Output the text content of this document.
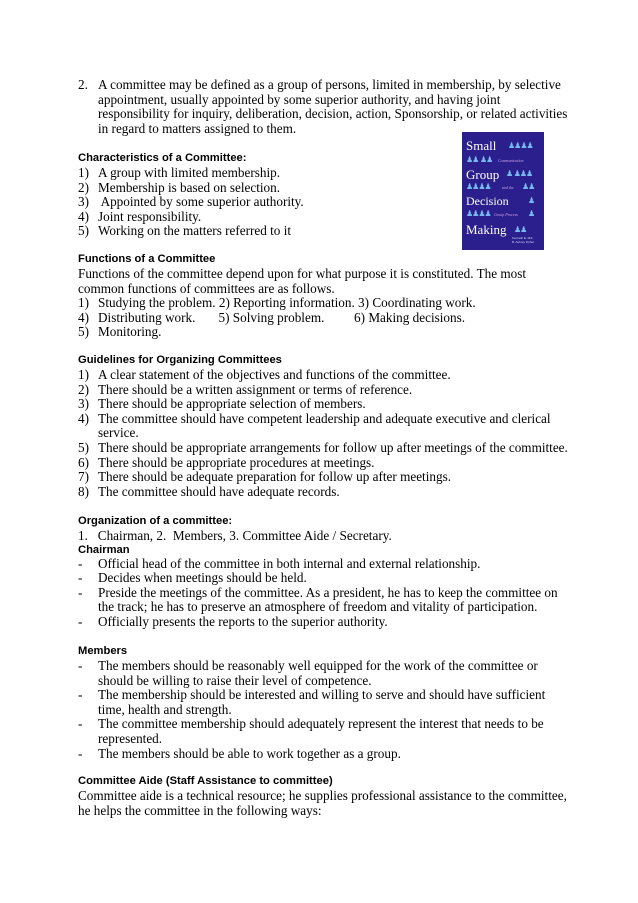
2. A committee may be defined as a group of persons, limited in membership, by selective

appointment, usually appointed by some superior authority, and having joint

responsibility for inquiry, deliberation, decision, action, Sponsorship, or related activities

in regard to matters assigned to them.

Characteristics of a Committee:

1) A group with limited membership.
2) Membership is based on selection.
3) Appointed by some superior authority.
4) Joint responsibility.
5) Working on the matters referred to it
Small ♟♟♟♟
♟♟ ♟♟ Communication
Group ♟ ♟♟♟
♟♟♟♟	and the ♟♟
Decision ♟
♟♟♟♟ Group Process ♟
Making ♟♟
Kenneth E. Mitt
B. Aubrey Fisher

Functions of a Committee

Functions of the committee depend upon for what purpose it is constituted. The most

common functions of committees are as follows.

1) Studying the problem. 2) Reporting information. 3) Coordinating work.
4) Distributing work.       5) Solving problem.         6) Making decisions.
5) Monitoring.

Guidelines for Organizing Committees

1) A clear statement of the objectives and functions of the committee.
2) There should be a written assignment or terms of reference.
3) There should be appropriate selection of members.
4) The committee should have competent leadership and adequate executive and clerical

service.

5) There should be appropriate arrangements for follow up after meetings of the committee.
6) There should be appropriate procedures at meetings.
7) There should be adequate preparation for follow up after meetings.
8) The committee should have adequate records.

Organization of a committee:

1.   Chairman, 2.  Members, 3. Committee Aide / Secretary.

Chairman

-	Official head of the committee in both internal and external relationship.
-	Decides when meetings should be held.
-	Preside the meetings of the committee. As a president, he has to keep the committee on

the track; he has to preserve an atmosphere of freedom and vitality of participation.

-	Officially presents the reports to the superior authority.

Members

-	The members should be reasonably well equipped for the work of the committee or

should be willing to raise their level of competence.

-	The membership should be interested and willing to serve and should have sufficient

time, health and strength.

-	The committee membership should adequately represent the interest that needs to be

represented.

-	The members should be able to work together as a group.

Committee Aide (Staff Assistance to committee)

Committee aide is a technical resource; he supplies professional assistance to the committee,

he helps the committee in the following ways:
